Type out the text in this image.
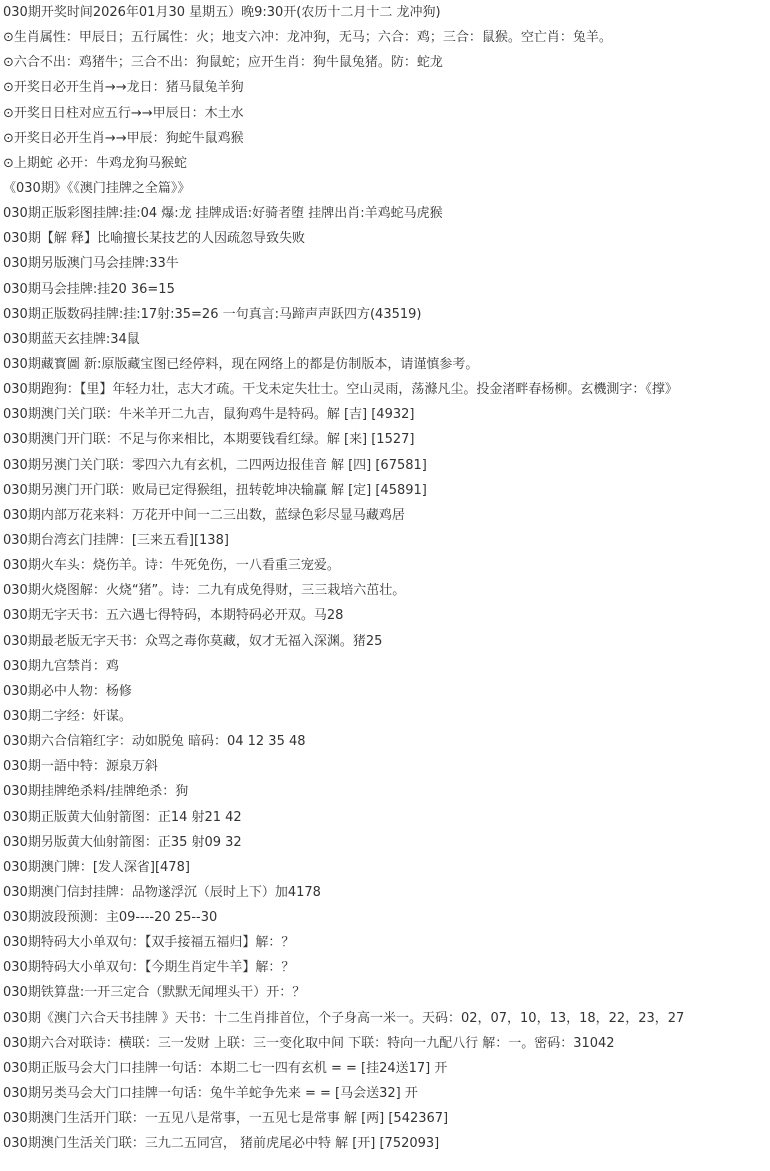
030期开奖时间2026年01月30 星期五）晚9:30开(农历十二月十二 龙冲狗)
⊙生肖属性：甲辰日；五行属性：火；地支六冲：龙冲狗，无马；六合：鸡；三合：鼠猴。空亡肖：兔羊。
⊙六合不出：鸡猪牛；三合不出：狗鼠蛇；应开生肖：狗牛鼠兔猪。防：蛇龙
⊙开奖日必开生肖→→龙日：猪马鼠兔羊狗
⊙开奖日日柱对应五行→→甲辰日：木土水
⊙开奖日必开生肖→→甲辰：狗蛇牛鼠鸡猴
⊙上期蛇 必开：牛鸡龙狗马猴蛇
《030期》《《澳门挂牌之全篇》》
030期正版彩图挂牌:挂:04 爆:龙 挂牌成语:好骑者堕 挂牌出肖:羊鸡蛇马虎猴
030期【解 释】比喻擅长某技艺的人因疏忽导致失败
030期另版澳门马会挂牌:33牛
030期马会挂牌:挂20 36=15
030期正版数码挂牌:挂:17射:35=26 一句真言:马蹄声声跃四方(43519)
030期蓝天玄挂牌:34鼠
030期藏寳圖 新:原版藏宝图已经停料，现在网络上的都是仿制版本，请谨慎参考。
030期跑狗：【里】年轻力壮，志大才疏。干戈未定失壮士。空山灵雨，荡滌凡尘。投金渚畔春杨柳。玄機測字：《撑》
030期澳门关门联：牛米羊开二九吉，鼠狗鸡牛是特码。解 [吉] [4932]
030期澳门开门联：不足与你来相比，本期要钱看红绿。解 [来] [1527]
030期另澳门关门联：零四六九有玄机，二四两边报佳音 解 [四] [67581]
030期另澳门开门联：败局已定得猴组，扭转乾坤决输赢 解 [定] [45891]
030期内部万花来料：万花开中间一二三出数，蓝绿色彩尽显马藏鸡居
030期台湾玄门挂牌：[三来五看][138]
030期火车头：烧伤羊。诗：牛死免伤，一八看重三宠爱。
030期火烧图解：火烧“猪”。诗：二九有成免得财，三三栽培六茁壮。
030期无字天书：五六遇七得特码，本期特码必开双。马28
030期最老版无字天书：众骂之毒你莫藏，奴才无福入深渊。猪25
030期九宫禁肖：鸡
030期必中人物：杨修
030期二字经：奸谋。
030期六合信箱红字：动如脱兔 暗码：04 12 35 48
030期一語中特：源泉万斜
030期挂牌绝杀料/挂牌绝杀：狗
030期正版黄大仙射箭图：正14 射21 42
030期另版黄大仙射箭图：正35 射09 32
030期澳门牌：[发人深省][478]
030期澳门信封挂牌：品物遂浮沉（辰时上下）加4178
030期波段预测：主09----20 25--30
030期特码大小单双句：【双手接福五福归】解：？
030期特码大小单双句：【今期生肖定牛羊】解：？
030期铁算盘:一开三定合（默默无闻埋头干）开：？
030期《澳门六合天书挂牌 》天书：十二生肖排首位，个子身高一米一。天码：02，07，10，13，18，22，23，27
030期六合对联诗：横联：三一发财 上联：三一变化取中间 下联：特向一九配八行 解：一。密码：31042
030期正版马会大门口挂牌一句话：本期二七一四有玄机 = = [挂24送17] 开
030期另类马会大门口挂牌一句话：兔牛羊蛇争先来 = = [马会送32] 开
030期澳门生活开门联：一五见八是常事，一五见七是常事 解 [两] [542367]
030期澳门生活关门联：三九二五同宫， 猪前虎尾必中特 解 [开] [752093]
